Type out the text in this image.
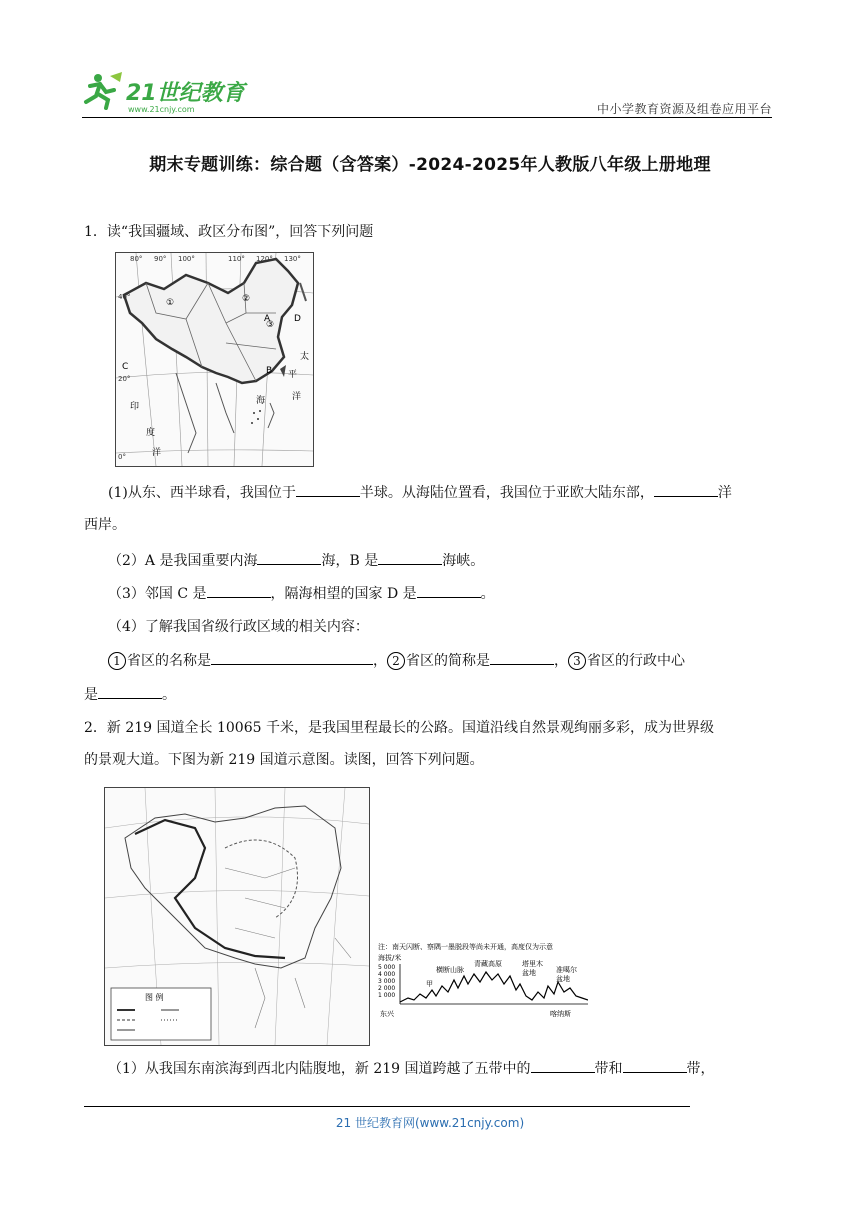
21世纪教育
www.21cnjy.com	中小学教育资源及组卷应用平台
期末专题训练：综合题（含答案）-2024-2025年人教版八年级上册地理
1．读“我国疆域、政区分布图”，回答下列问题
80° 90° 100°	110° 120° 130°
40°
20°
0°
①	②
③
C
A
B
D
太
平
洋
印
度
洋
海
(1)从东、西半球看，我国位于	半球。从海陆位置看，我国位于亚欧大陆东部，	洋
西岸。
（2）A 是我国重要内海	海，B 是	海峡。
（3）邻国 C 是	，隔海相望的国家 D 是	。
（4）了解我国省级行政区域的相关内容：
1 省区的名称是	， 2 省区的简称是	， 3 省区的行政中心
是	。
2．新 219 国道全长 10065 千米，是我国里程最长的公路。国道沿线自然景观绚丽多彩，成为世界级
的景观大道。下图为新 219 国道示意图。读图，回答下列问题。
图 例
注：南天闪断、察隅一墨脱段等尚未开通，高度仅为示意
海拔/米
5 000
4 000
3 000
2 000
1 000
横断山脉
青藏高原	塔里木
盆地	准噶尔
盆地
甲
东兴	喀纳斯
（1）从我国东南滨海到西北内陆腹地，新 219 国道跨越了五带中的	带和	带，
21 世纪教育网(www.21cnjy.com)
